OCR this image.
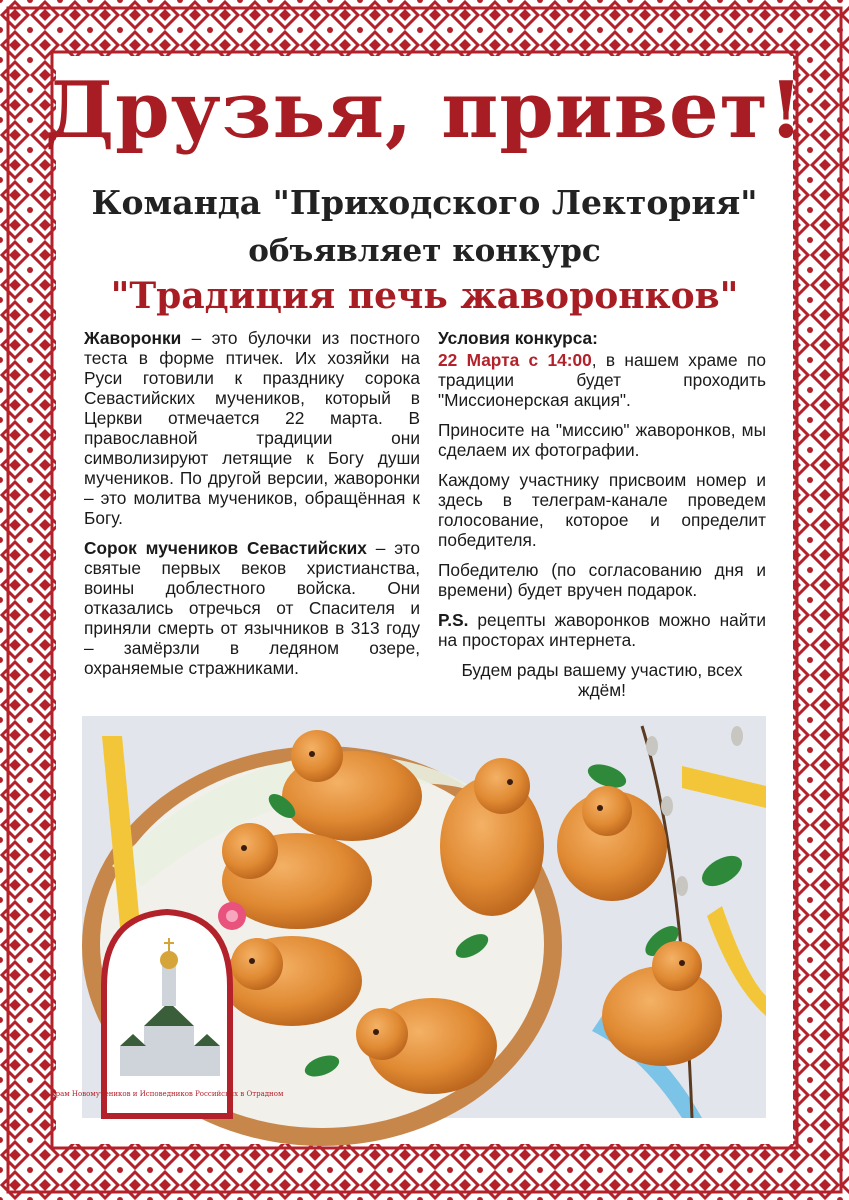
Друзья, привет!
Команда "Приходского Лектория"
объявляет конкурс
"Традиция печь жаворонков"

Жаворонки – это булочки из постного теста в форме птичек. Их хозяйки на Руси готовили к празднику сорока Севастийских мучеников, который в Церкви отмечается 22 марта. В православной традиции они символизируют летящие к Богу души мучеников. По другой версии, жаворонки – это молитва мучеников, обращённая к Богу.

Сорок мучеников Севастийских – это святые первых веков христианства, воины доблестного войска. Они отказались отречься от Спасителя и приняли смерть от язычников в 313 году – замёрзли в ледяном озере, охраняемые стражниками.

Условия конкурса:

22 Марта с 14:00, в нашем храме по традиции будет проходить "Миссионерская акция".

Приносите на "миссию" жаворонков, мы сделаем их фотографии.

Каждому участнику присвоим номер и здесь в телеграм-канале проведем голосование, которое и определит победителя.

Победителю (по согласованию дня и времени) будет вручен подарок.

P.S. рецепты жаворонков можно найти на просторах интернета.

Будем рады вашему участию, всех ждём!

Храм Новомучеников и Исповедников Российских в Отрадном
